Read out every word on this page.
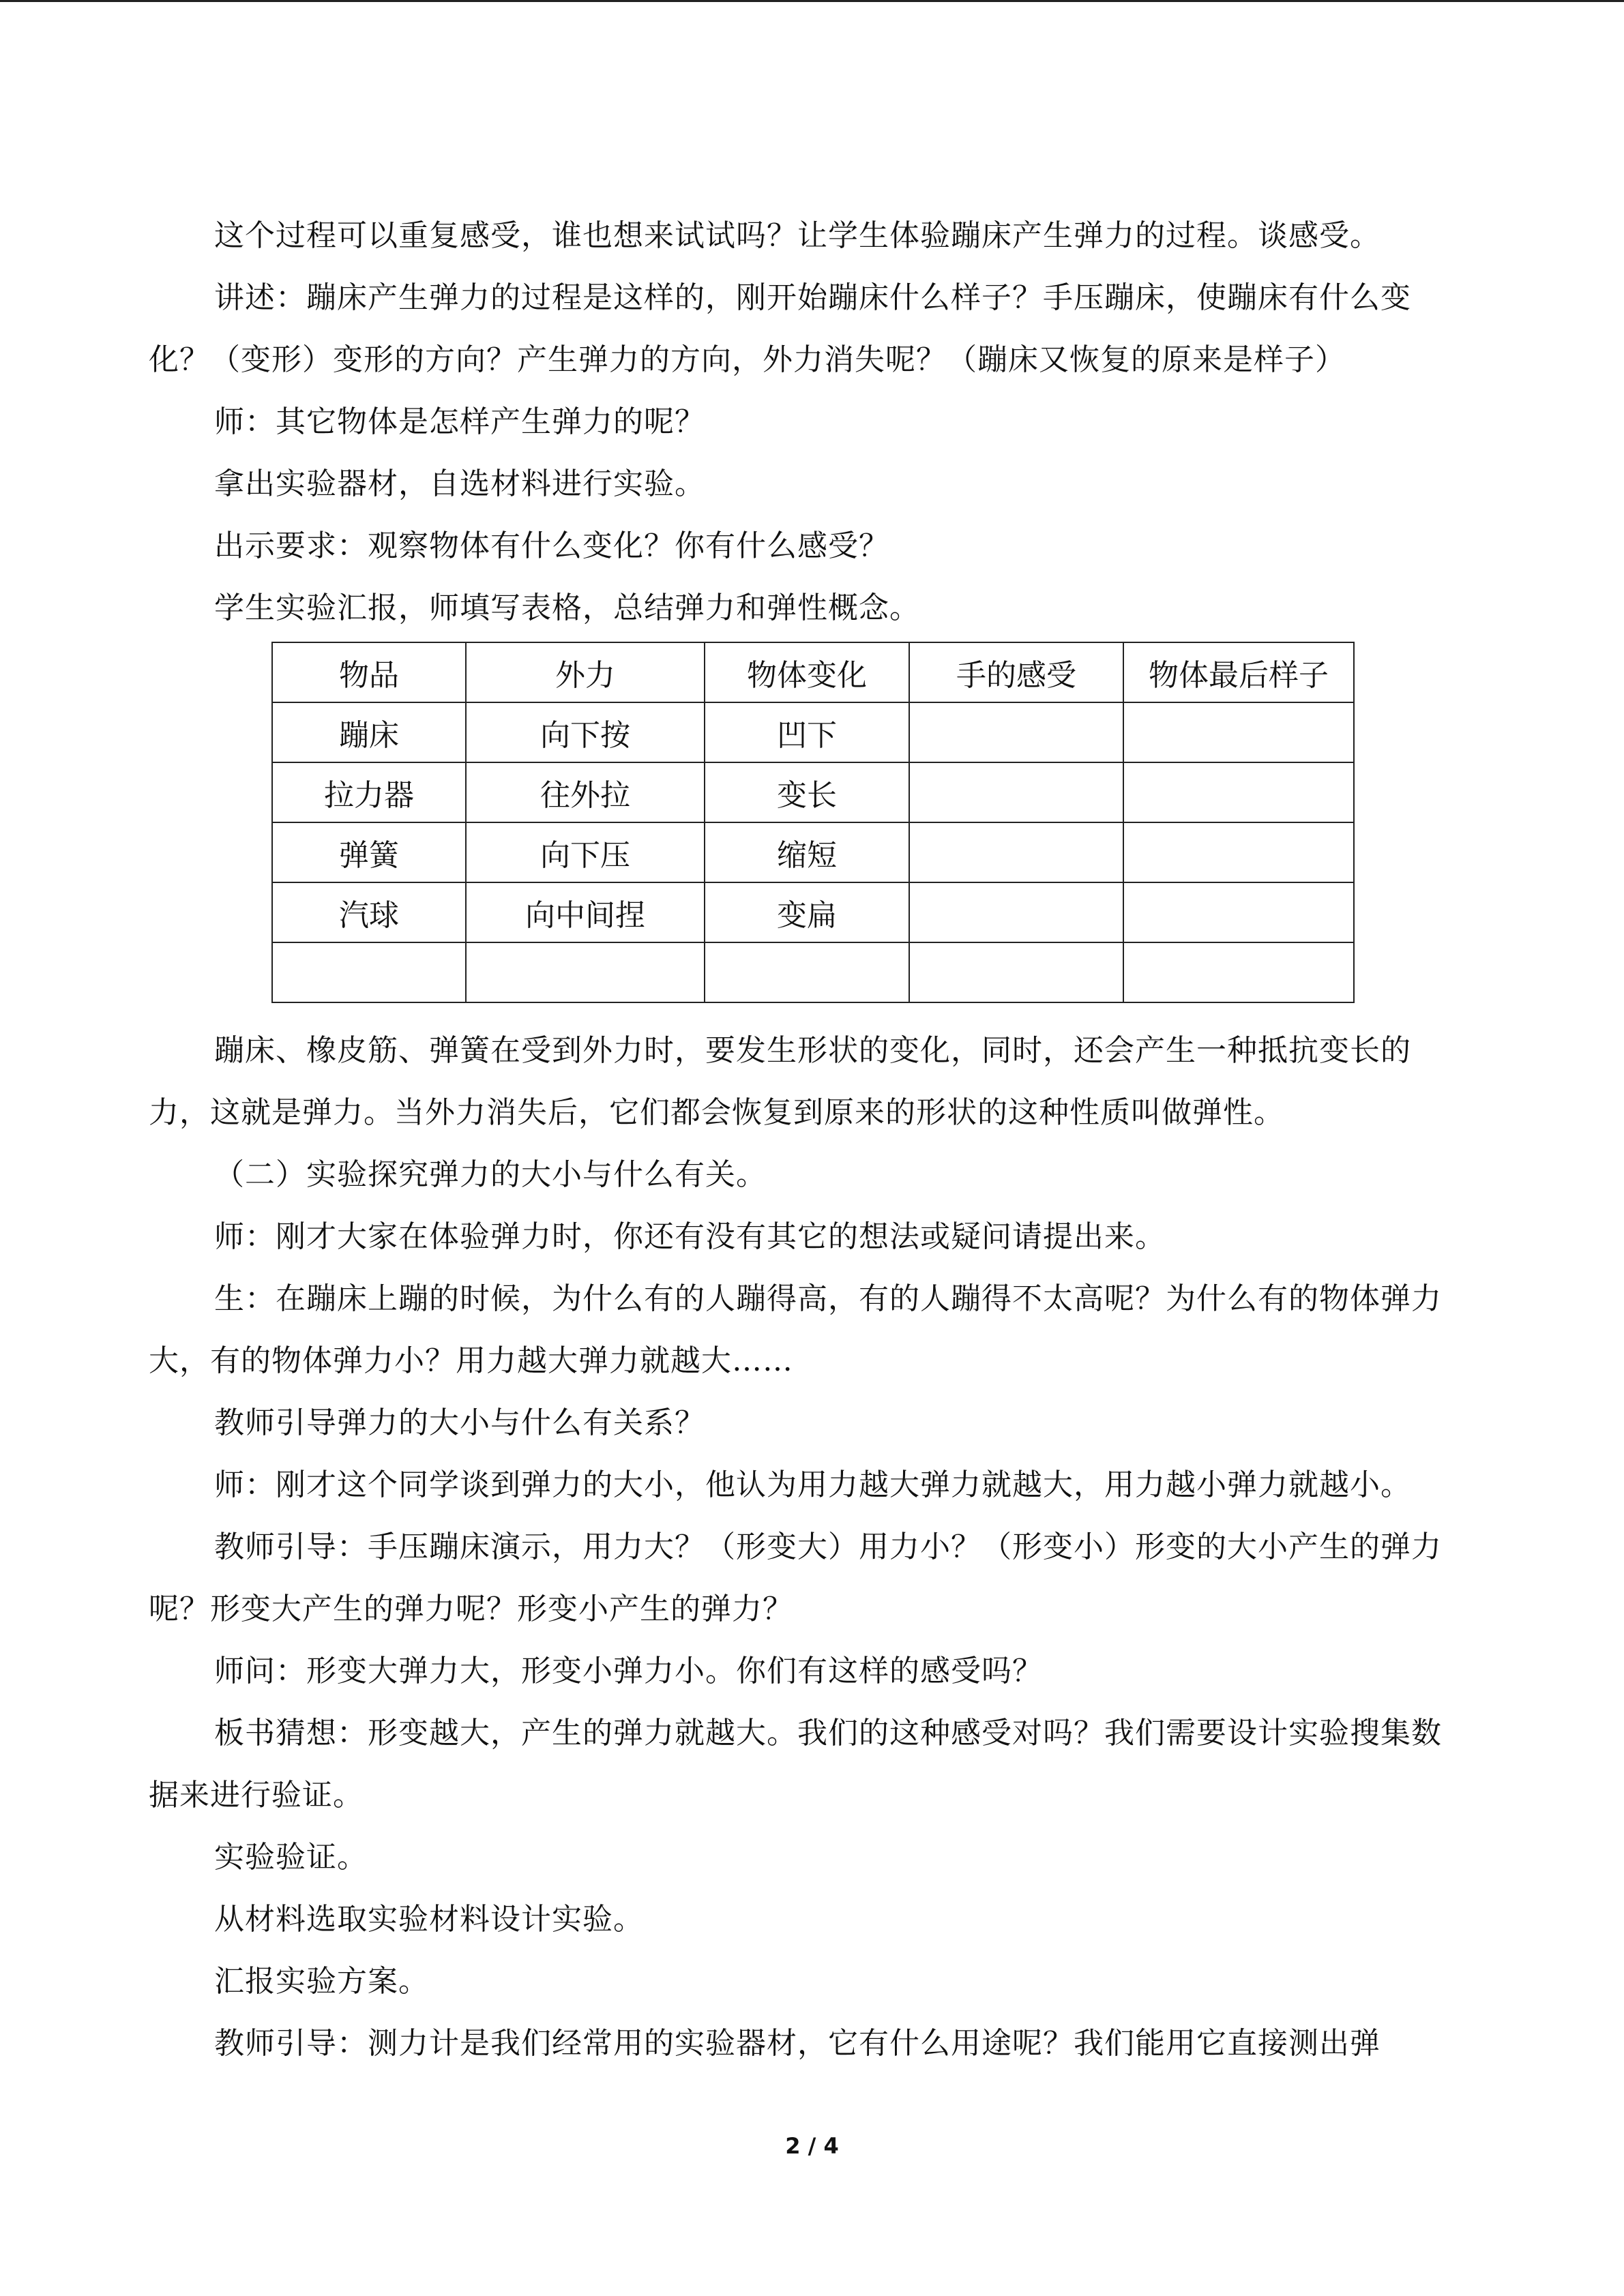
这个过程可以重复感受，谁也想来试试吗？让学生体验蹦床产生弹力的过程。谈感受。

讲述：蹦床产生弹力的过程是这样的，刚开始蹦床什么样子？手压蹦床，使蹦床有什么变化？（变形）变形的方向？产生弹力的方向，外力消失呢？（蹦床又恢复的原来是样子）

师：其它物体是怎样产生弹力的呢？

拿出实验器材，自选材料进行实验。

出示要求：观察物体有什么变化？你有什么感受？

学生实验汇报，师填写表格，总结弹力和弹性概念。

物品	外力	物体变化	手的感受	物体最后样子
蹦床	向下按	凹下		
拉力器	往外拉	变长		
弹簧	向下压	缩短		
汽球	向中间捏	变扁		

蹦床、橡皮筋、弹簧在受到外力时，要发生形状的变化，同时，还会产生一种抵抗变长的力，这就是弹力。当外力消失后，它们都会恢复到原来的形状的这种性质叫做弹性。

（二）实验探究弹力的大小与什么有关。

师：刚才大家在体验弹力时，你还有没有其它的想法或疑问请提出来。

生：在蹦床上蹦的时候，为什么有的人蹦得高，有的人蹦得不太高呢？为什么有的物体弹力大，有的物体弹力小？用力越大弹力就越大……

教师引导弹力的大小与什么有关系？

师：刚才这个同学谈到弹力的大小，他认为用力越大弹力就越大，用力越小弹力就越小。

教师引导：手压蹦床演示，用力大？（形变大）用力小？（形变小）形变的大小产生的弹力呢？形变大产生的弹力呢？形变小产生的弹力？

师问：形变大弹力大，形变小弹力小。你们有这样的感受吗？

板书猜想：形变越大，产生的弹力就越大。我们的这种感受对吗？我们需要设计实验搜集数据来进行验证。

实验验证。

从材料选取实验材料设计实验。

汇报实验方案。

教师引导：测力计是我们经常用的实验器材，它有什么用途呢？我们能用它直接测出弹

2 / 4
